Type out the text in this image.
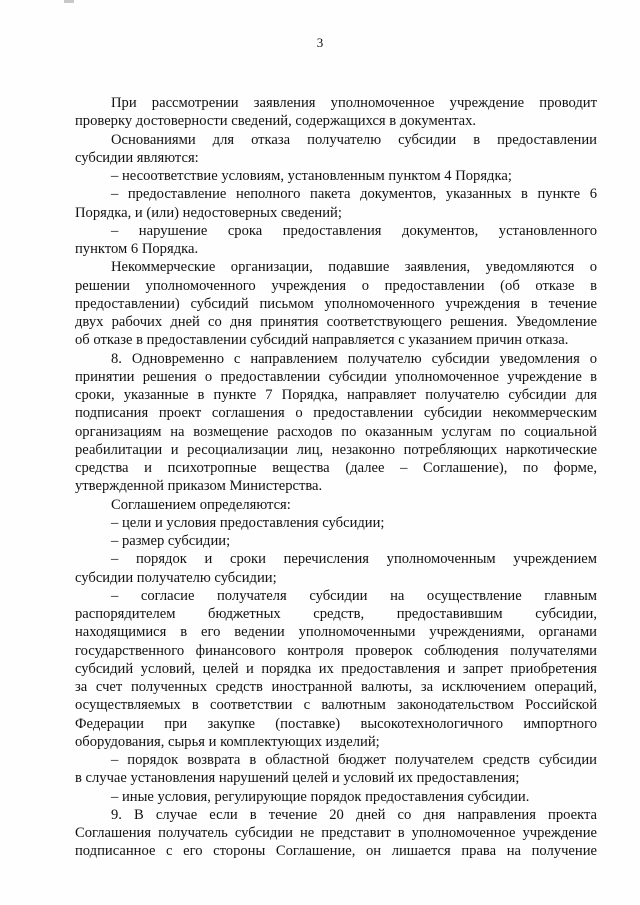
3
При рассмотрении заявления уполномоченное учреждение проводит
проверку достоверности сведений, содержащихся в документах.
Основаниями для отказа получателю субсидии в предоставлении
субсидии являются:
– несоответствие условиям, установленным пунктом 4 Порядка;
– предоставление неполного пакета документов, указанных в пункте 6
Порядка, и (или) недостоверных сведений;
– нарушение срока предоставления документов, установленного
пунктом 6 Порядка.
Некоммерческие организации, подавшие заявления, уведомляются о
решении уполномоченного учреждения о предоставлении (об отказе в
предоставлении) субсидий письмом уполномоченного учреждения в течение
двух рабочих дней со дня принятия соответствующего решения. Уведомление
об отказе в предоставлении субсидий направляется с указанием причин отказа.
8. Одновременно с направлением получателю субсидии уведомления о
принятии решения о предоставлении субсидии уполномоченное учреждение в
сроки, указанные в пункте 7 Порядка, направляет получателю субсидии для
подписания проект соглашения о предоставлении субсидии некоммерческим
организациям на возмещение расходов по оказанным услугам по социальной
реабилитации и ресоциализации лиц, незаконно потребляющих наркотические
средства и психотропные вещества (далее – Соглашение), по форме,
утвержденной приказом Министерства.
Соглашением определяются:
– цели и условия предоставления субсидии;
– размер субсидии;
– порядок и сроки перечисления уполномоченным учреждением
субсидии получателю субсидии;
– согласие получателя субсидии на осуществление главным
распорядителем бюджетных средств, предоставившим субсидии,
находящимися в его ведении уполномоченными учреждениями, органами
государственного финансового контроля проверок соблюдения получателями
субсидий условий, целей и порядка их предоставления и запрет приобретения
за счет полученных средств иностранной валюты, за исключением операций,
осуществляемых в соответствии с валютным законодательством Российской
Федерации при закупке (поставке) высокотехнологичного импортного
оборудования, сырья и комплектующих изделий;
– порядок возврата в областной бюджет получателем средств субсидии
в случае установления нарушений целей и условий их предоставления;
– иные условия, регулирующие порядок предоставления субсидии.
9. В случае если в течение 20 дней со дня направления проекта
Соглашения получатель субсидии не представит в уполномоченное учреждение
подписанное с его стороны Соглашение, он лишается права на получение
